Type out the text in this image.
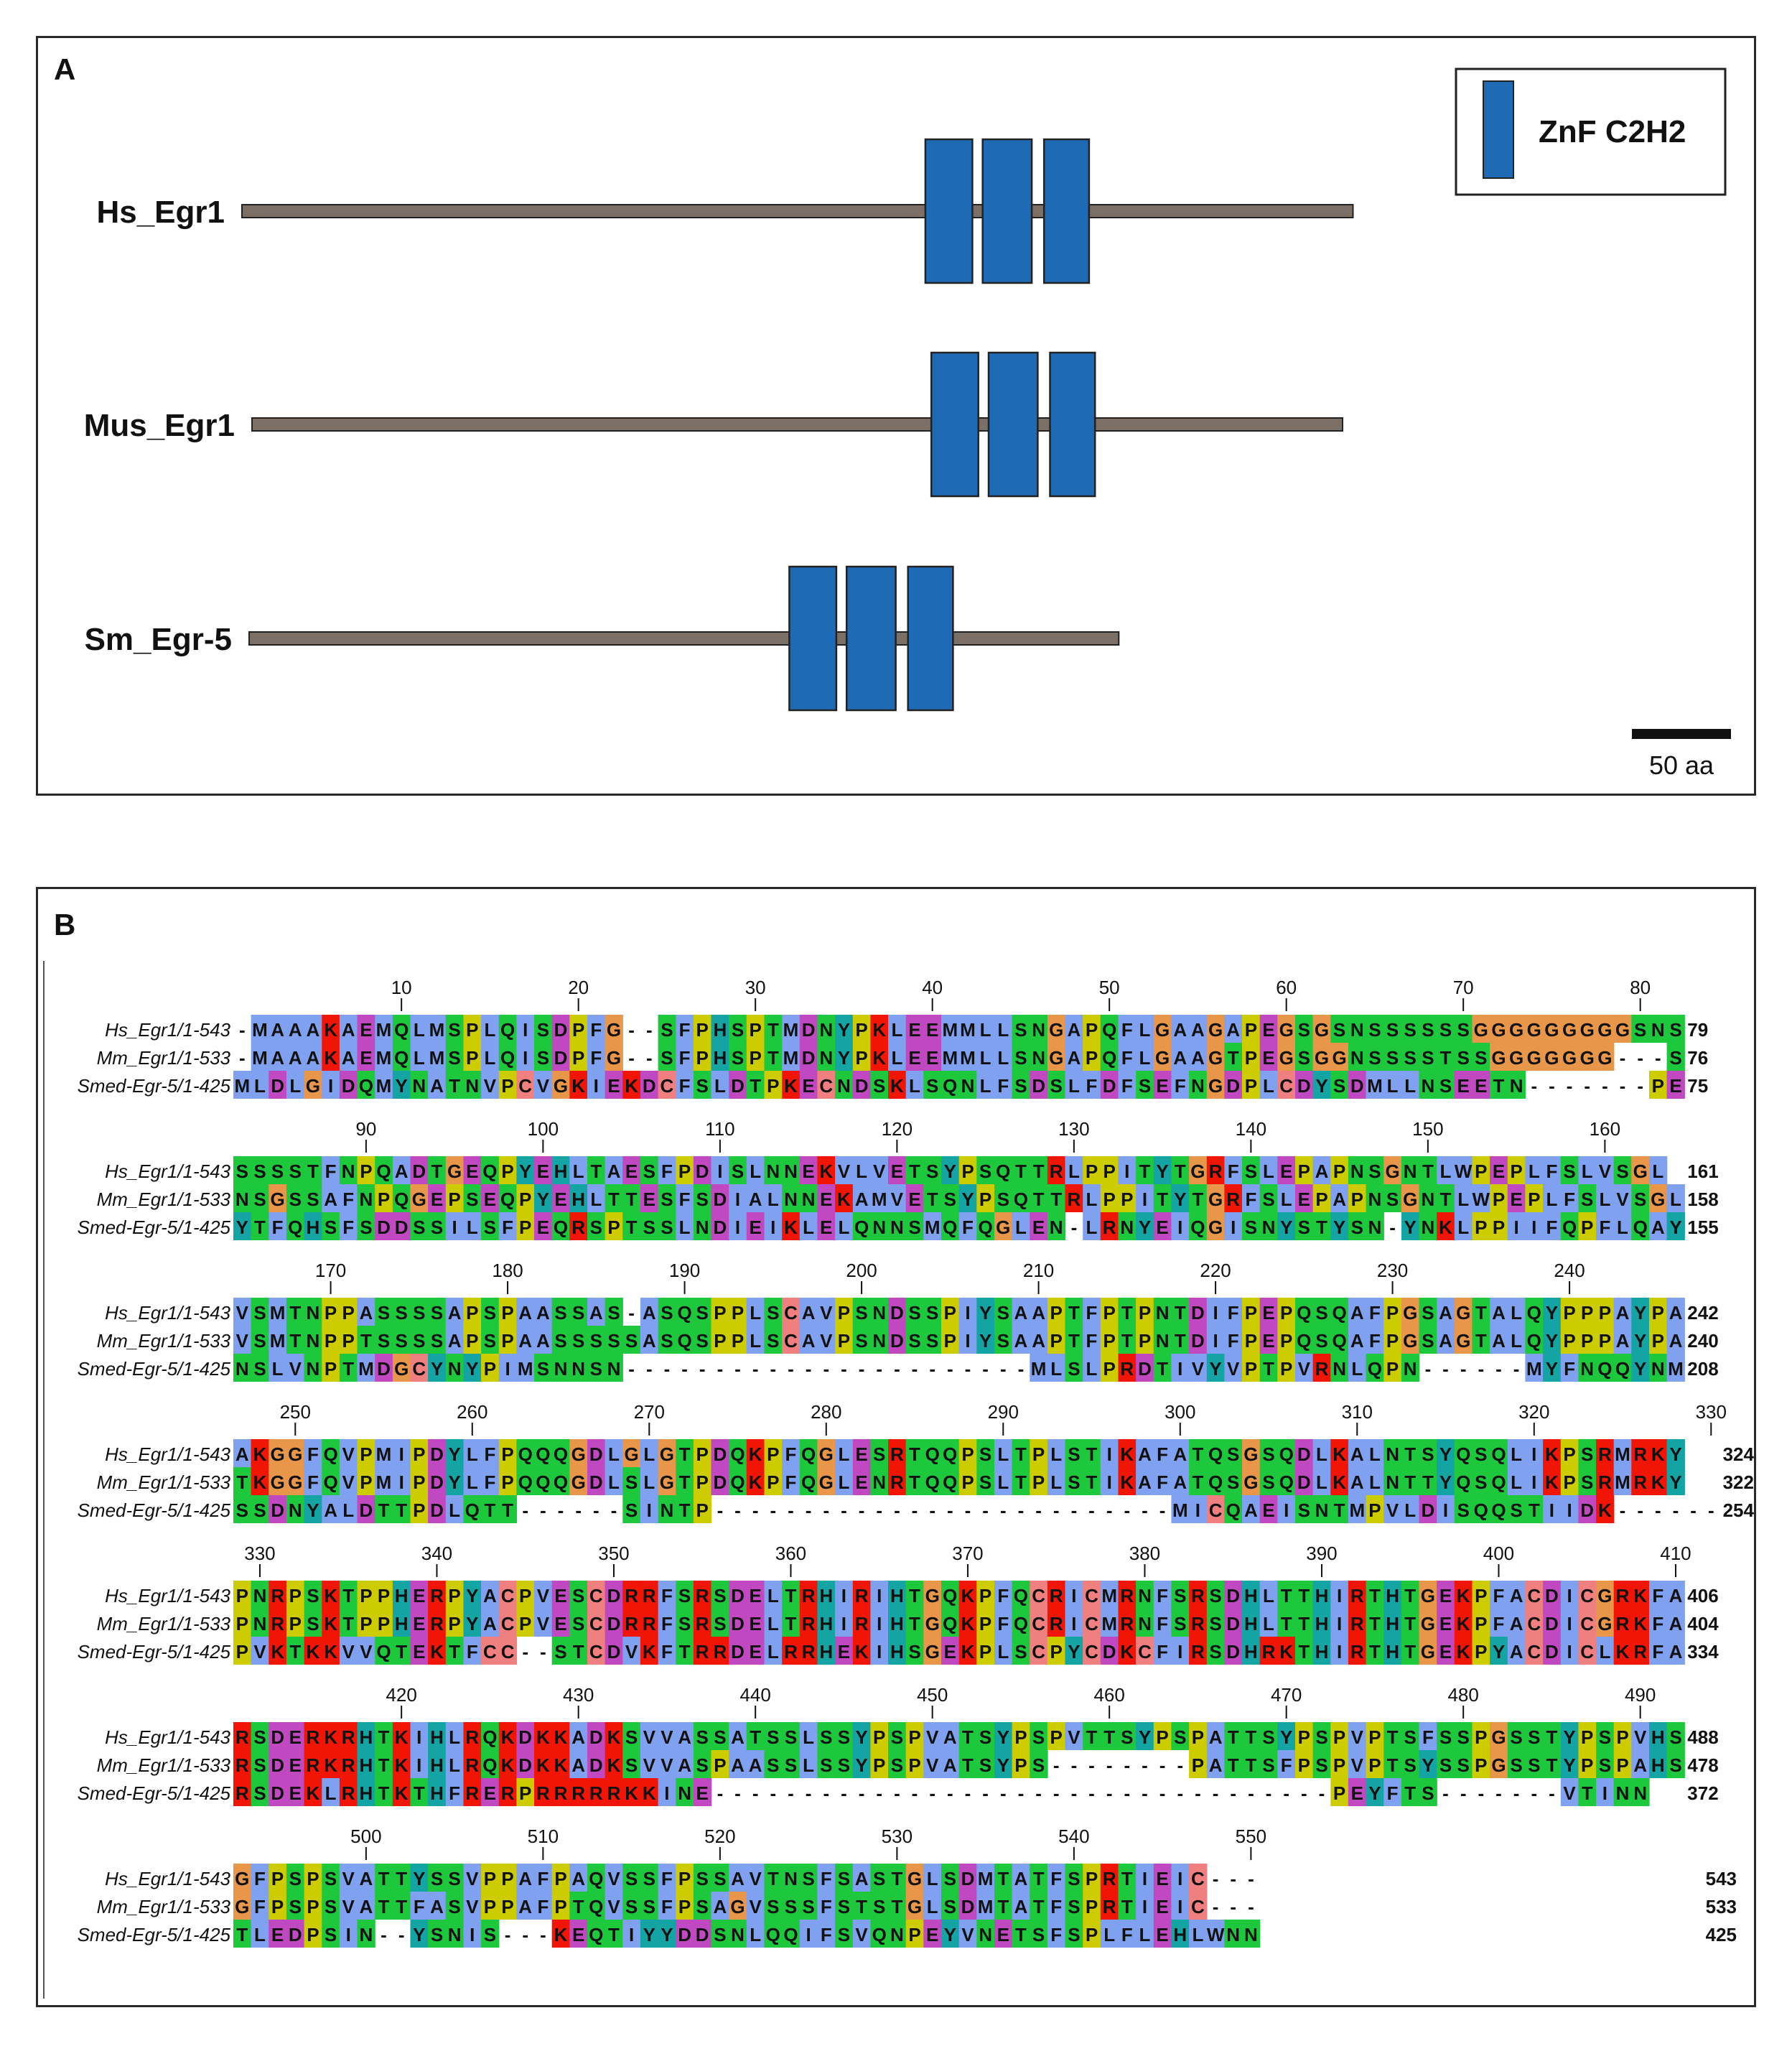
A
ZnF C2H2
Hs_Egr1
Mus_Egr1
Sm_Egr-5
50 aa
B
10	20	30	40	50	60	70	80
Hs_Egr1/1-543 - M A A A K A E M Q L M S P L Q I S D P F G - - S F P H S P T M D N Y P K L E E M M L L S N G A P Q F L G A A G A P E G S G S N S S S S S S G G G G G G G G G S N S 79
Mm_Egr1/1-533 - M A A A K A E M Q L M S P L Q I S D P F G - - S F P H S P T M D N Y P K L E E M M L L S N G A P Q F L G A A G T P E G S G G N S S S S T S S G G G G G G G - - - S 76
Smed-Egr-5/1-425 M L D L G I D Q M Y N A T N V P C V G K I E K D C F S L D T P K E C N D S K L S Q N L F S D S L F D F S E F N G D P L C D Y S D M L L N S E E T N - - - - - - - P E 75
90	100	110	120	130	140	150	160
Hs_Egr1/1-543 S S S S T F N P Q A D T G E Q P Y E H L T A E S F P D I S L N N E K V L V E T S Y P S Q T T R L P P I T Y T G R F S L E P A P N S G N T L W P E P L F S L V S G L 161
Mm_Egr1/1-533 N S G S S A F N P Q G E P S E Q P Y E H L T T E S F S D I A L N N E K A M V E T S Y P S Q T T R L P P I T Y T G R F S L E P A P N S G N T L W P E P L F S L V S G L 158
Smed-Egr-5/1-425 Y T F Q H S F S D D S S I L S F P E Q R S P T S S L N D I E I K L E L Q N N S M Q F Q G L E N - L R N Y E I Q G I S N Y S T Y S N - Y N K L P P I I F Q P F L Q A Y 155
170	180	190	200	210	220	230	240
Hs_Egr1/1-543 V S M T N P P A S S S S A P S P A A S S A S - A S Q S P P L S C A V P S N D S S P I Y S A A P T F P T P N T D I F P E P Q S Q A F P G S A G T A L Q Y P P P A Y P A 242
Mm_Egr1/1-533 V S M T N P P T S S S S A P S P A A S S S S S A S Q S P P L S C A V P S N D S S P I Y S A A P T F P T P N T D I F P E P Q S Q A F P G S A G T A L Q Y P P P A Y P A 240
Smed-Egr-5/1-425 N S L V N P T M D G C Y N Y P I M S N N S N - - - - - - - - - - - - - - - - - - - - - - - M L S L P R D T I V Y V P T P V R N L Q P N - - - - - - M Y F N Q Q Y N M 208
250	260	270	280	290	300	310	320	330
Hs_Egr1/1-543 A K G G F Q V P M I P D Y L F P Q Q Q G D L G L G T P D Q K P F Q G L E S R T Q Q P S L T P L S T I K A F A T Q S G S Q D L K A L N T S Y Q S Q L I K P S R M R K Y 324
Mm_Egr1/1-533 T K G G F Q V P M I P D Y L F P Q Q Q G D L S L G T P D Q K P F Q G L E N R T Q Q P S L T P L S T I K A F A T Q S G S Q D L K A L N T T Y Q S Q L I K P S R M R K Y 322
Smed-Egr-5/1-425 S S D N Y A L D T T P D L Q T T - - - - - - S I N T P - - - - - - - - - - - - - - - - - - - - - - - - - - M I C Q A E I S N T M P V L D I S Q Q S T I I D K - - - - - - 254
330	340	350	360	370	380	390	400	410
Hs_Egr1/1-543 P N R P S K T P P H E R P Y A C P V E S C D R R F S R S D E L T R H I R I H T G Q K P F Q C R I C M R N F S R S D H L T T H I R T H T G E K P F A C D I C G R K F A 406
Mm_Egr1/1-533 P N R P S K T P P H E R P Y A C P V E S C D R R F S R S D E L T R H I R I H T G Q K P F Q C R I C M R N F S R S D H L T T H I R T H T G E K P F A C D I C G R K F A 404
Smed-Egr-5/1-425 P V K T K K V V Q T E K T F C C - - S T C D V K F T R R D E L R R H E K I H S G E K P L S C P Y C D K C F I R S D H R K T H I R T H T G E K P Y A C D I C L K R F A 334
420	430	440	450	460	470	480	490
Hs_Egr1/1-543 R S D E R K R H T K I H L R Q K D K K A D K S V V A S S A T S S L S S Y P S P V A T S Y P S P V T T S Y P S P A T T S Y P S P V P T S F S S P G S S T Y P S P V H S 488
Mm_Egr1/1-533 R S D E R K R H T K I H L R Q K D K K A D K S V V A S P A A S S L S S Y P S P V A T S Y P S - - - - - - - - P A T T S F P S P V P T S Y S S P G S S T Y P S P A H S 478
Smed-Egr-5/1-425 R S D E K L R H T K T H F R E R P R R R R R K K I N E - - - - - - - - - - - - - - - - - - - - - - - - - - - - - - - - - - - P E Y F T S - - - - - - - V T I N N 372
500	510	520	530	540	550
Hs_Egr1/1-543 G F P S P S V A T T Y S S V P P A F P A Q V S S F P S S A V T N S F S A S T G L S D M T A T F S P R T I E I C - - -	543
Mm_Egr1/1-533 G F P S P S V A T T F A S V P P A F P T Q V S S F P S A G V S S S F S T S T G L S D M T A T F S P R T I E I C - - -	533
Smed-Egr-5/1-425 T L E D P S I N - - Y S N I S - - - K E Q T I Y Y D D S N L Q Q I F S V Q N P E Y V N E T S F S P L F L E H L W N N	425
